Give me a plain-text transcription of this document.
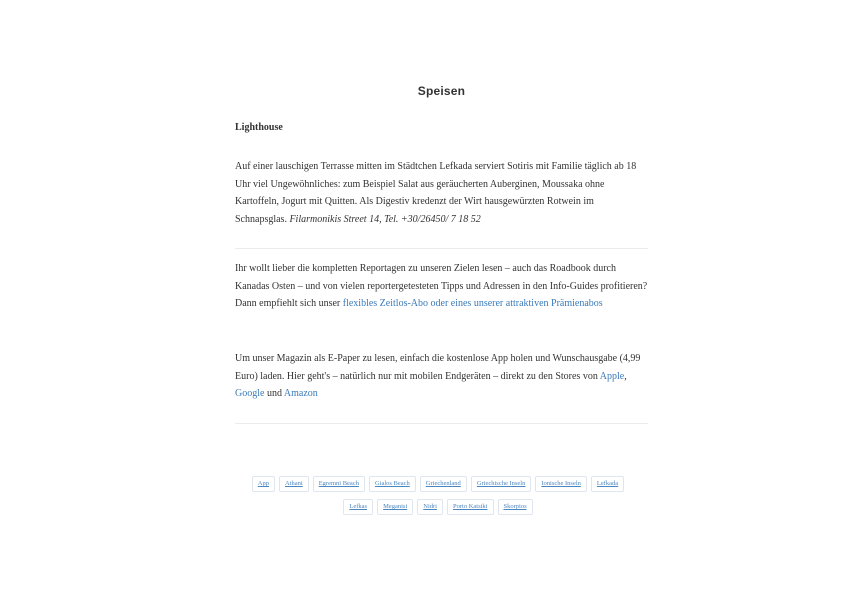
Speisen

Lighthouse

Auf einer lauschigen Terrasse mitten im Städtchen Lefkada serviert Sotiris mit Familie täglich ab 18 Uhr viel Ungewöhnliches: zum Beispiel Salat aus geräucherten Auberginen, Moussaka ohne Kartoffeln, Jogurt mit Quitten. Als Digestiv kredenzt der Wirt hausgewürzten Rotwein im Schnapsglas. Filarmonikis Street 14, Tel. +30/26450/ 7 18 52

Ihr wollt lieber die kompletten Reportagen zu unseren Zielen lesen – auch das Roadbook durch Kanadas Osten – und von vielen reportergetesteten Tipps und Adressen in den Info-Guides profitieren? Dann empfiehlt sich unser flexibles Zeitlos-Abo oder eines unserer attraktiven Prämienabos

Um unser Magazin als E-Paper zu lesen, einfach die kostenlose App holen und Wunschausgabe (4,99 Euro) laden. Hier geht's – natürlich nur mit mobilen Endgeräten – direkt zu den Stores von Apple, Google und Amazon

App	Athani	Egremni Beach	Gialos Beach	Griechenland	Griechische Inseln	Ionische Inseln	Lefkada
Lefkas	Meganisi	Nidri	Porto Katsiki	Skorpios
